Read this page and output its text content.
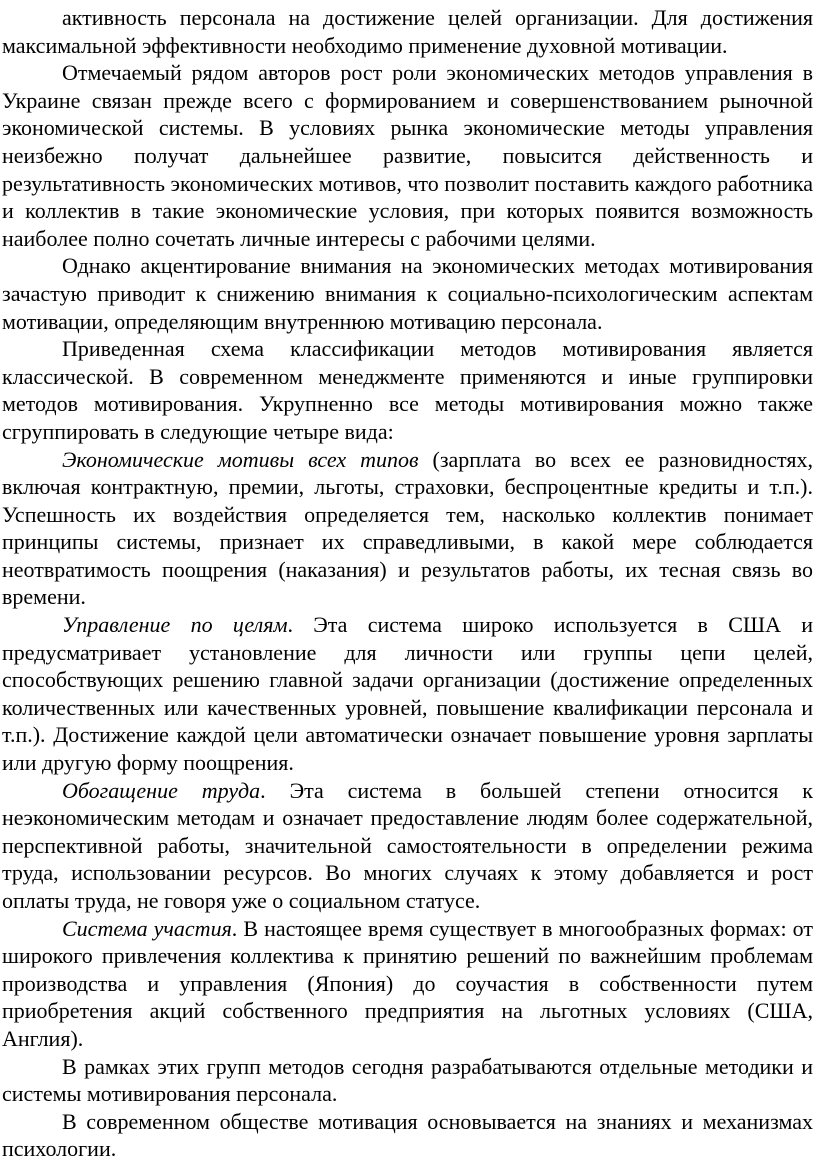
активность персонала на достижение целей организации. Для достижения максимальной эффективности необходимо применение духовной мотивации.

Отмечаемый рядом авторов рост роли экономических методов управления в Украине связан прежде всего с формированием и совершенствованием рыночной экономической системы. В условиях рынка экономические методы управления неизбежно получат дальнейшее развитие, повысится действенность и результативность экономических мотивов, что позволит поставить каждого работника и коллектив в такие экономические условия, при которых появится возможность наиболее полно сочетать личные интересы с рабочими целями.

Однако акцентирование внимания на экономических методах мотивирования зачастую приводит к снижению внимания к социально-психологическим аспектам мотивации, определяющим внутреннюю мотивацию персонала.

Приведенная схема классификации методов мотивирования является классической. В современном менеджменте применяются и иные группировки методов мотивирования. Укрупненно все методы мотивирования можно также сгруппировать в следующие четыре вида:

Экономические мотивы всех типов (зарплата во всех ее разновидностях, включая контрактную, премии, льготы, страховки, беспроцентные кредиты и т.п.). Успешность их воздействия определяется тем, насколько коллектив понимает принципы системы, признает их справедливыми, в какой мере соблюдается неотвратимость поощрения (наказания) и результатов работы, их тесная связь во времени.

Управление по целям. Эта система широко используется в США и предусматривает установление для личности или группы цепи целей, способствующих решению главной задачи организации (достижение определенных количественных или качественных уровней, повышение квалификации персонала и т.п.). Достижение каждой цели автоматически означает повышение уровня зарплаты или другую форму поощрения.

Обогащение труда. Эта система в большей степени относится к неэкономическим методам и означает предоставление людям более содержательной, перспективной работы, значительной самостоятельности в определении режима труда, использовании ресурсов. Во многих случаях к этому добавляется и рост оплаты труда, не говоря уже о социальном статусе.

Система участия. В настоящее время существует в многообразных формах: от широкого привлечения коллектива к принятию решений по важнейшим проблемам производства и управления (Япония) до соучастия в собственности путем приобретения акций собственного предприятия на льготных условиях (США, Англия).

В рамках этих групп методов сегодня разрабатываются отдельные методики и системы мотивирования персонала.

В современном обществе мотивация основывается на знаниях и механизмах психологии.
